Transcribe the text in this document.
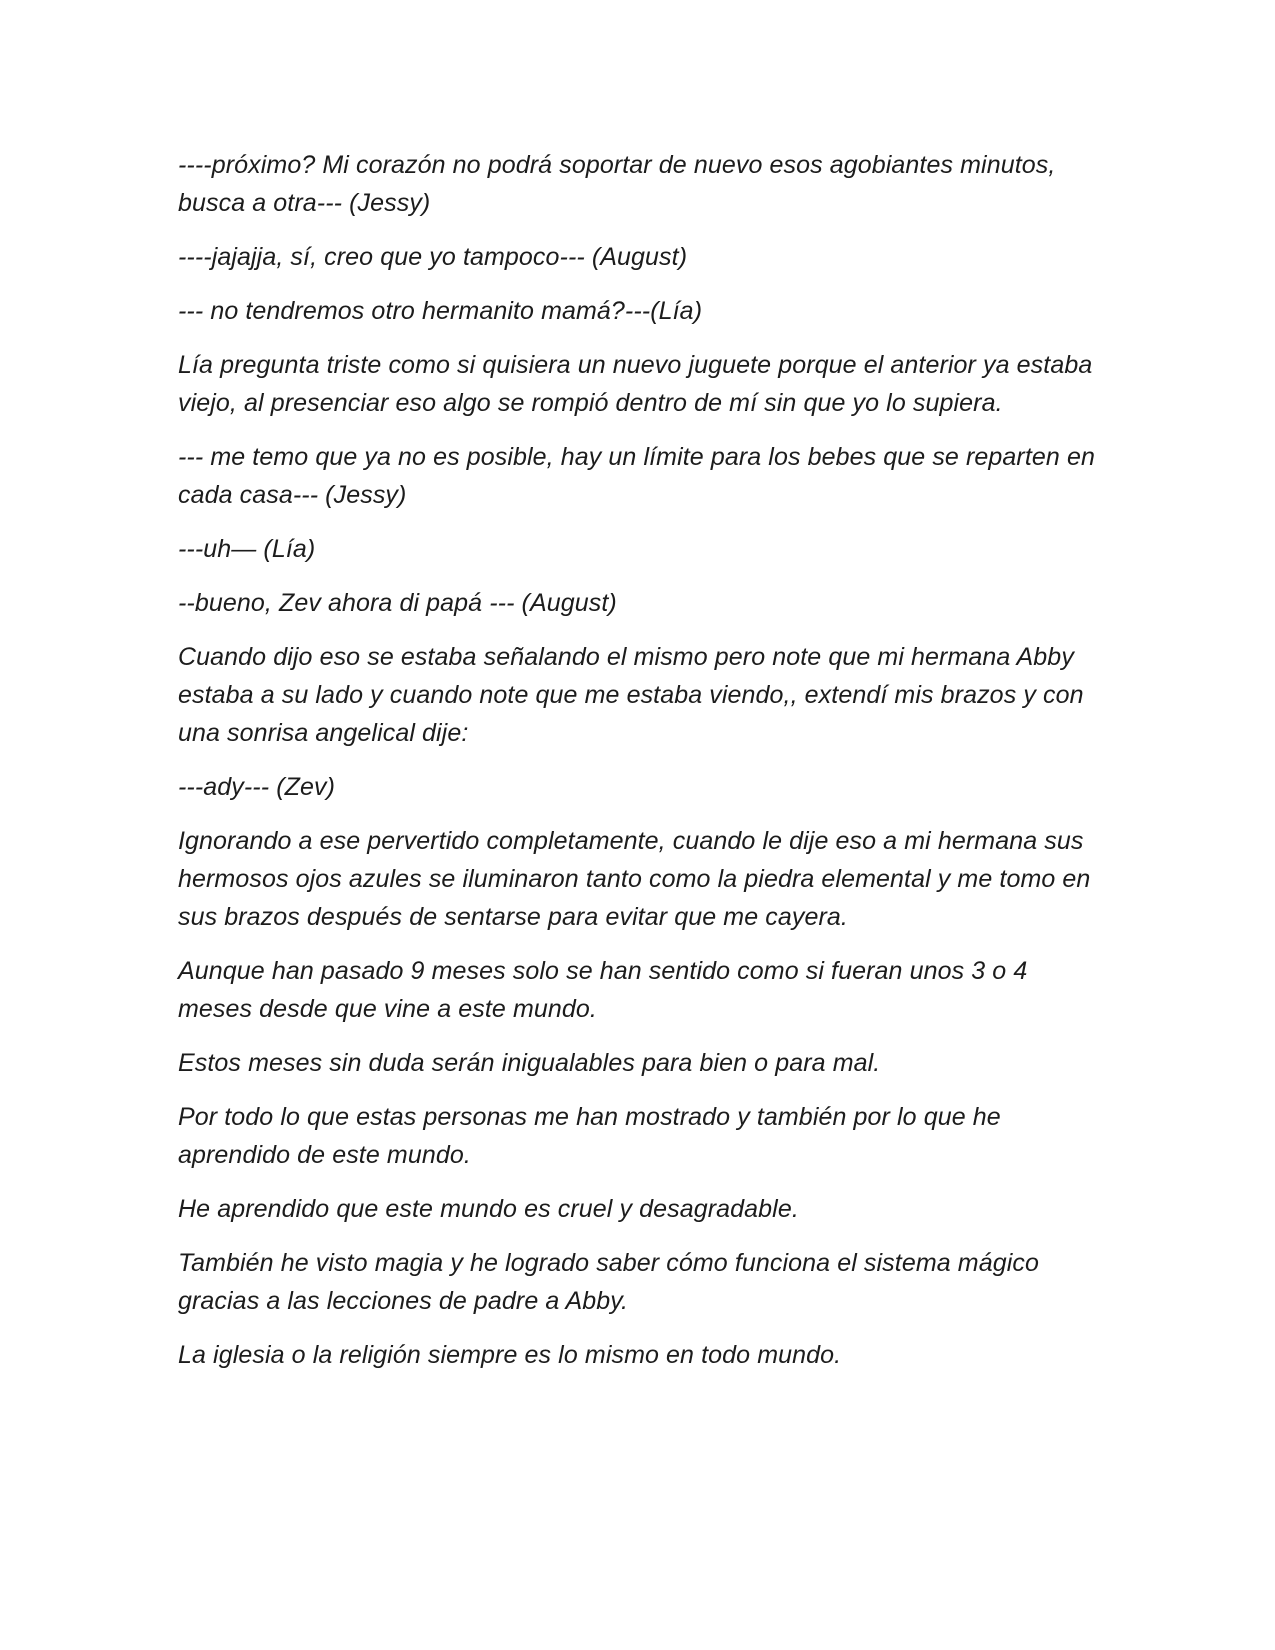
----próximo? Mi corazón no podrá soportar de nuevo esos agobiantes minutos, busca a otra--- (Jessy)

----jajajja, sí, creo que yo tampoco--- (August)

--- no tendremos otro hermanito mamá?---(Lía)

Lía pregunta triste como si quisiera un nuevo juguete porque el anterior ya estaba viejo, al presenciar eso algo se rompió dentro de mí sin que yo lo supiera.

--- me temo que ya no es posible, hay un límite para los bebes que se reparten en cada casa--- (Jessy)

---uh— (Lía)

--bueno, Zev ahora di papá --- (August)

Cuando dijo eso se estaba señalando el mismo pero note que mi hermana Abby estaba a su lado y cuando note que me estaba viendo,, extendí mis brazos y con una sonrisa angelical dije:

---ady--- (Zev)

Ignorando a ese pervertido completamente, cuando le dije eso a mi hermana sus hermosos ojos azules se iluminaron tanto como la piedra elemental y me tomo en sus brazos después de sentarse para evitar que me cayera.

Aunque han pasado 9 meses solo se han sentido como si fueran unos 3 o 4 meses desde que vine a este mundo.

Estos meses sin duda serán inigualables para bien o para mal.

Por todo lo que estas personas me han mostrado y también por lo que he aprendido de este mundo.

He aprendido que este mundo es cruel y desagradable.

También he visto magia y he logrado saber cómo funciona el sistema mágico gracias a las lecciones de padre a Abby.

La iglesia o la religión siempre es lo mismo en todo mundo.
